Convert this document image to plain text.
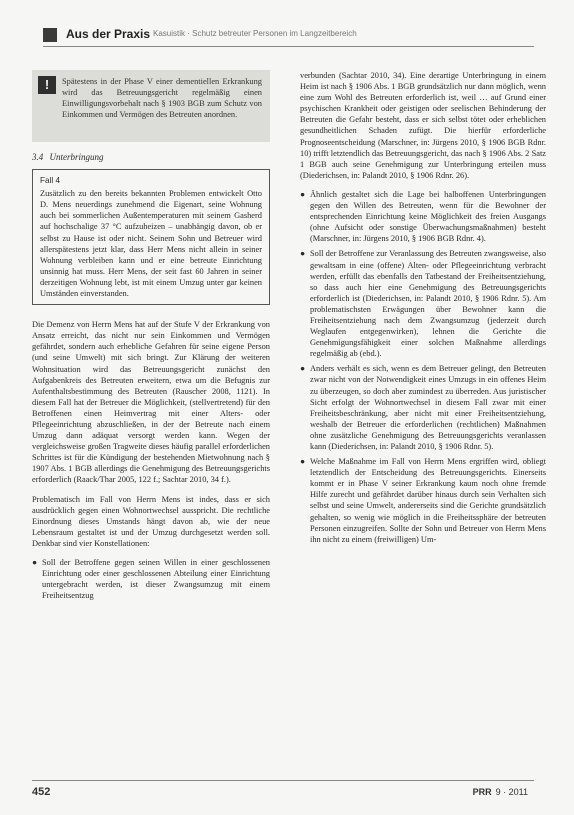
Aus der Praxis Kasuistik · Schutz betreuter Personen im Langzeitbereich
!	Spätestens in der Phase V einer dementiellen Erkrankung wird das Betreuungsgericht regelmäßig einen Einwilligungsvorbehalt nach § 1903 BGB zum Schutz von Einkommen und Vermögen des Betreuten anordnen.
3.4 Unterbringung
Fall 4
Zusätzlich zu den bereits bekannten Problemen entwickelt Otto D. Mens neuerdings zunehmend die Eigenart, seine Wohnung auch bei sommerlichen Außentemperaturen mit seinem Gasherd auf hochschalige 37 °C aufzuheizen – unabhängig davon, ob er selbst zu Hause ist oder nicht. Seinem Sohn und Betreuer wird allerspätestens jetzt klar, dass Herr Mens nicht allein in seiner Wohnung verbleiben kann und er eine betreute Einrichtung unsinnig hat muss. Herr Mens, der seit fast 60 Jahren in seiner derzeitigen Wohnung lebt, ist mit einem Umzug unter gar keinen Umständen einverstanden.

Die Demenz von Herrn Mens hat auf der Stufe V der Erkrankung von Ansatz erreicht, das nicht nur sein Einkommen und Vermögen gefährdet, sondern auch erhebliche Gefahren für seine eigene Person (und seine Umwelt) mit sich bringt. Zur Klärung der weiteren Wohnsituation wird das Betreuungsgericht zunächst den Aufgabenkreis des Betreuten erweitern, etwa um die Befugnis zur Aufenthaltsbestimmung des Betreuten (Rauscher 2008, 1121). In diesem Fall hat der Betreuer die Möglichkeit, (stellvertretend) für den Betroffenen einen Heimvertrag mit einer Alters- oder Pflegeeinrichtung abzuschließen, in der der Betreute nach einem Umzug dann adäquat versorgt werden kann. Wegen der vergleichsweise großen Tragweite dieses häufig parallel erforderlichen Schrittes ist für die Kündigung der bestehenden Mietwohnung nach § 1907 Abs. 1 BGB allerdings die Genehmigung des Betreuungsgerichts erforderlich (Raack/Thar 2005, 122 f.; Sachtar 2010, 34 f.).

Problematisch im Fall von Herrn Mens ist indes, dass er sich ausdrücklich gegen einen Wohnortwechsel ausspricht. Die rechtliche Einordnung dieses Umstands hängt davon ab, wie der neue Lebensraum gestaltet ist und der Umzug durchgesetzt werden soll. Denkbar sind vier Konstellationen:

● Soll der Betroffene gegen seinen Willen in einer geschlossenen Einrichtung oder einer geschlossenen Abteilung einer Einrichtung untergebracht werden, ist dieser Zwangsumzug mit einem Freiheitsentzug

verbunden (Sachtar 2010, 34). Eine derartige Unterbringung in einem Heim ist nach § 1906 Abs. 1 BGB grundsätzlich nur dann möglich, wenn eine zum Wohl des Betreuten erforderlich ist, weil … auf Grund einer psychischen Krankheit oder geistigen oder seelischen Behinderung der Betreuten die Gefahr besteht, dass er sich selbst tötet oder erheblichen gesundheitlichen Schaden zufügt. Die hierfür erforderliche Prognoseentscheidung (Marschner, in: Jürgens 2010, § 1906 BGB Rdnr. 10) trifft letztendlich das Betreuungsgericht, das nach § 1906 Abs. 2 Satz 1 BGB auch seine Genehmigung zur Unterbringung erteilen muss (Diederichsen, in: Palandt 2010, § 1906 Rdnr. 26).

● Ähnlich gestaltet sich die Lage bei halboffenen Unterbringungen gegen den Willen des Betreuten, wenn für die Bewohner der entsprechenden Einrichtung keine Möglichkeit des freien Ausgangs (ohne Aufsicht oder sonstige Überwachungsmaßnahmen) besteht (Marschner, in: Jürgens 2010, § 1906 BGB Rdnr. 4).
● Soll der Betroffene zur Veranlassung des Betreuten zwangsweise, also gewaltsam in eine (offene) Alten- oder Pflegeeinrichtung verbracht werden, erfüllt das ebenfalls den Tatbestand der Freiheitsentziehung, so dass auch hier eine Genehmigung des Betreuungsgerichts erforderlich ist (Diederichsen, in: Palandt 2010, § 1906 Rdnr. 5). Am problematischsten Erwägungen über Bewohner kann die Freiheitsentziehung nach dem Zwangsumzug (jederzeit durch Weglaufen entgegenwirken), lehnen die Gerichte die Genehmigungsfähigkeit einer solchen Maßnahme allerdings regelmäßig ab (ebd.).
● Anders verhält es sich, wenn es dem Betreuer gelingt, den Betreuten zwar nicht von der Notwendigkeit eines Umzugs in ein offenes Heim zu überzeugen, so doch aber zumindest zu überreden. Aus juristischer Sicht erfolgt der Wohnortwechsel in diesem Fall zwar mit einer Freiheitsbeschränkung, aber nicht mit einer Freiheitsentziehung, weshalb der Betreuer die erforderlichen (rechtlichen) Maßnahmen ohne zusätzliche Genehmigung des Betreuungsgerichts veranlassen kann (Diederichsen, in: Palandt 2010, § 1906 Rdnr. 5).
● Welche Maßnahme im Fall von Herrn Mens ergriffen wird, obliegt letztendlich der Entscheidung des Betreuungsgerichts. Einerseits kommt er in Phase V seiner Erkrankung kaum noch ohne fremde Hilfe zurecht und gefährdet darüber hinaus durch sein Verhalten sich selbst und seine Umwelt, andererseits sind die Gerichte grundsätzlich gehalten, so wenig wie möglich in die Freiheitssphäre der betreuten Personen einzugreifen. Sollte der Sohn und Betreuer von Herrn Mens ihn nicht zu einem (freiwilligen) Um-
452	PRR 9 · 2011
